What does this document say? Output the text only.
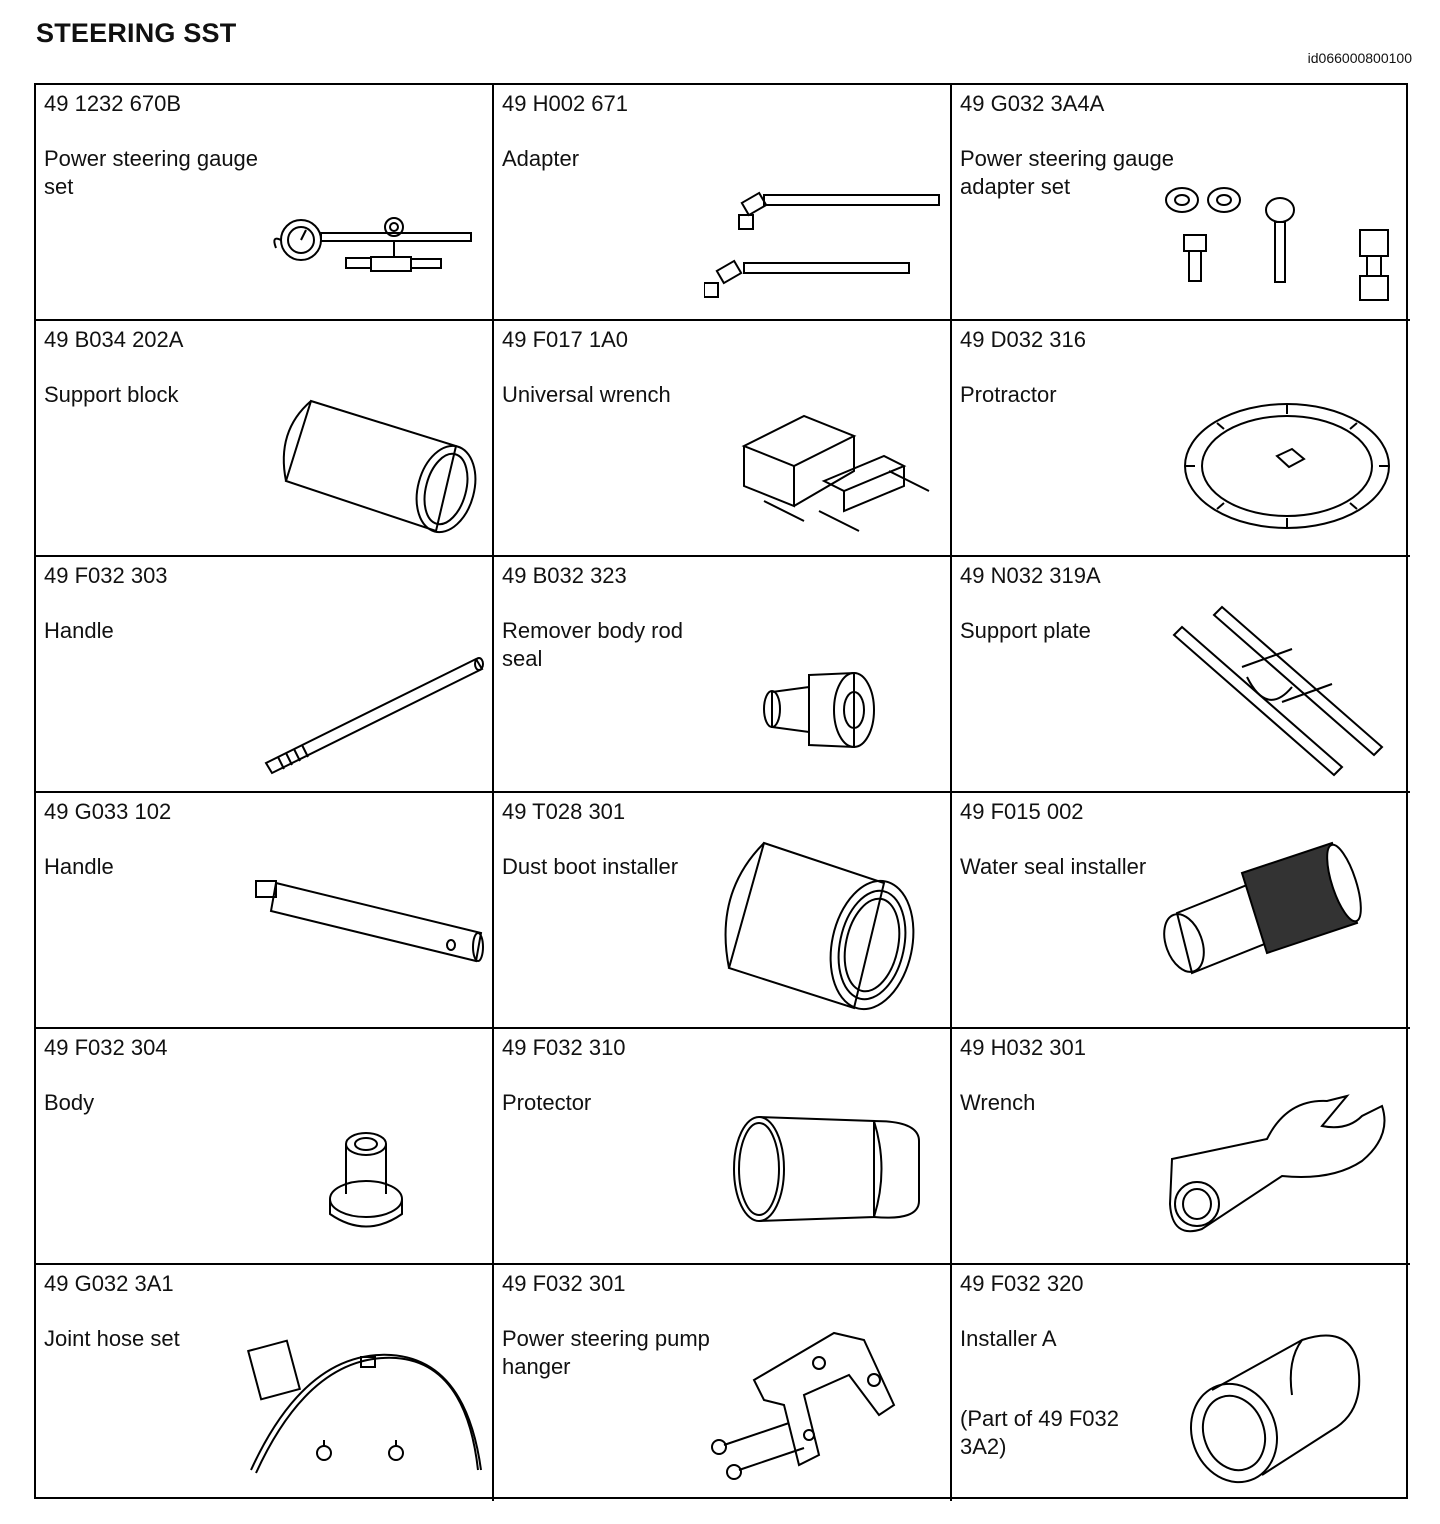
STEERING SST
id066000800100
49 1232 670B
Power steering gauge set
49 H002 671
Adapter
49 G032 3A4A
Power steering gauge adapter set
49 B034 202A
Support block
49 F017 1A0
Universal wrench
49 D032 316
Protractor
49 F032 303
Handle
49 B032 323
Remover body rod seal
49 N032 319A
Support plate
49 G033 102
Handle
49 T028 301
Dust boot installer
49 F015 002
Water seal installer
49 F032 304
Body
49 F032 310
Protector
49 H032 301
Wrench
49 G032 3A1
Joint hose set
49 F032 301
Power steering pump hanger
49 F032 320
Installer A
(Part of 49 F032 3A2)
